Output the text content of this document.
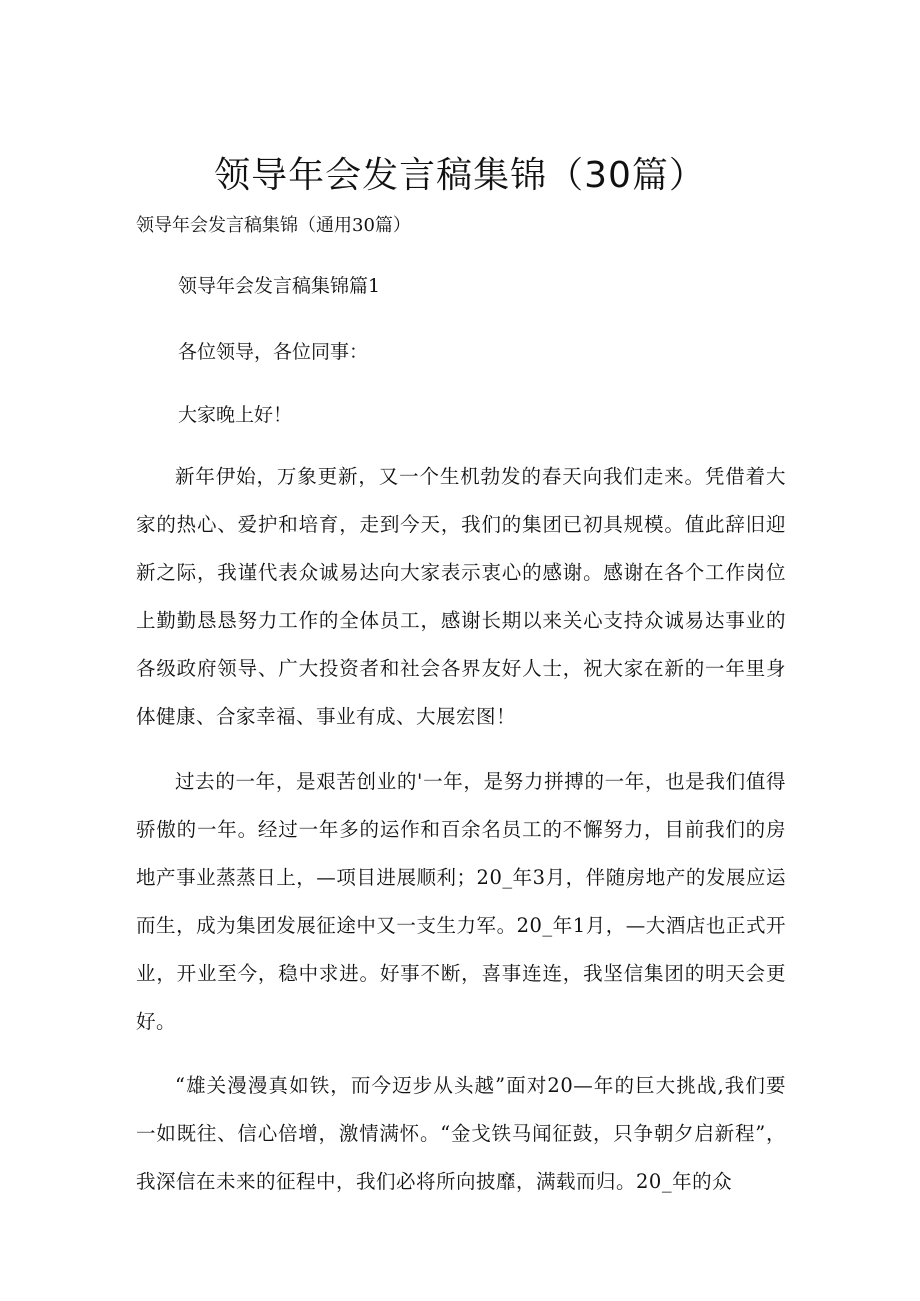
领导年会发言稿集锦（30篇）

领导年会发言稿集锦（通用30篇）

领导年会发言稿集锦篇1

各位领导，各位同事：

大家晚上好！

新年伊始，万象更新，又一个生机勃发的春天向我们走来。凭借着大家的热心、爱护和培育，走到今天，我们的集团已初具规模。值此辞旧迎新之际，我谨代表众诚易达向大家表示衷心的感谢。感谢在各个工作岗位上勤勤恳恳努力工作的全体员工，感谢长期以来关心支持众诚易达事业的各级政府领导、广大投资者和社会各界友好人士，祝大家在新的一年里身体健康、合家幸福、事业有成、大展宏图！

过去的一年，是艰苦创业的'一年，是努力拼搏的一年，也是我们值得骄傲的一年。经过一年多的运作和百余名员工的不懈努力，目前我们的房地产事业蒸蒸日上，—项目进展顺利；20_年3月，伴随房地产的发展应运而生，成为集团发展征途中又一支生力军。20_年1月，—大酒店也正式开业，开业至今，稳中求进。好事不断，喜事连连，我坚信集团的明天会更好。

“雄关漫漫真如铁，而今迈步从头越”面对20—年的巨大挑战,我们要一如既往、信心倍增，激情满怀。“金戈铁马闻征鼓，只争朝夕启新程”，我深信在未来的征程中，我们必将所向披靡，满载而归。20_年的众
